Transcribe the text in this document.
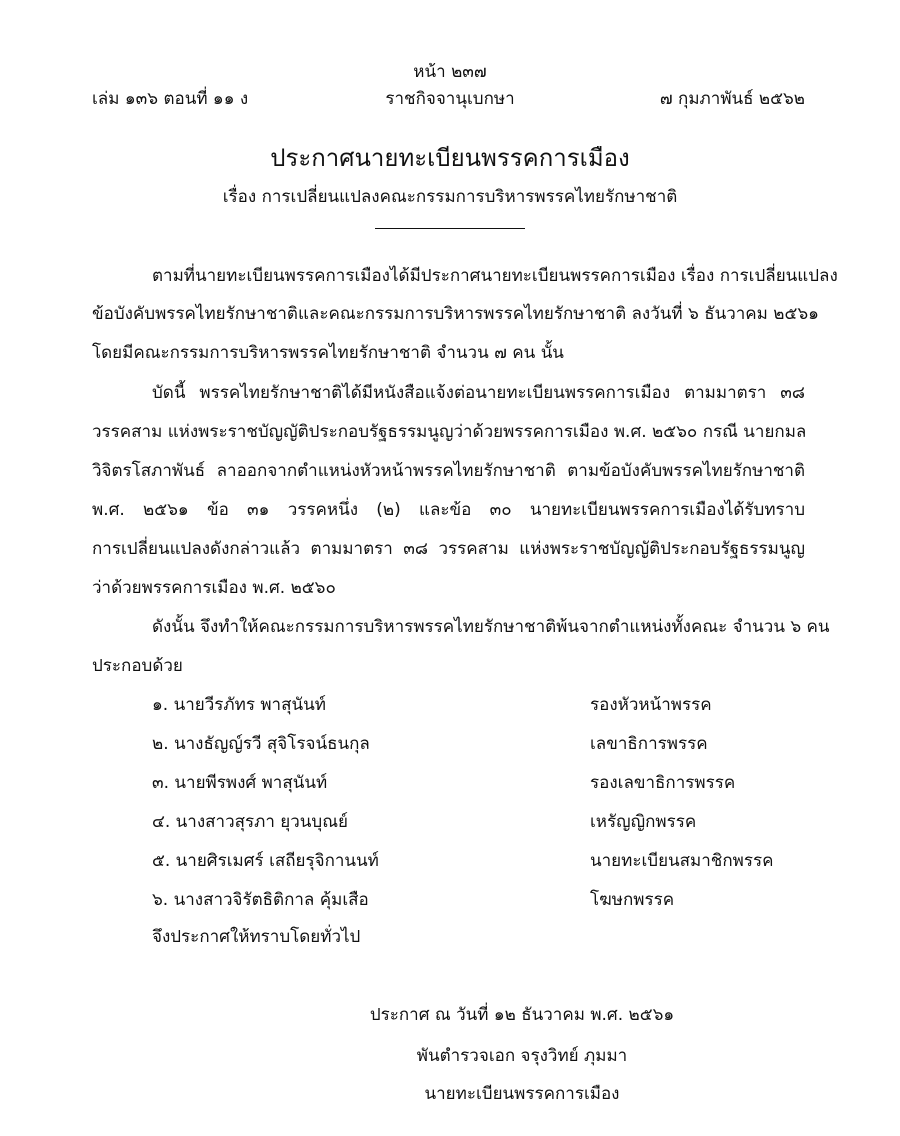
หน้า ๒๓๗
เล่ม ๑๓๖ ตอนที่ ๑๑ ง	ราชกิจจานุเบกษา	๗ กุมภาพันธ์ ๒๕๖๒
ประกาศนายทะเบียนพรรคการเมือง
เรื่อง การเปลี่ยนแปลงคณะกรรมการบริหารพรรคไทยรักษาชาติ
ตามที่นายทะเบียนพรรคการเมืองได้มีประกาศนายทะเบียนพรรคการเมือง เรื่อง การเปลี่ยนแปลง
ข้อบังคับพรรคไทยรักษาชาติและคณะกรรมการบริหารพรรคไทยรักษาชาติ ลงวันที่ ๖ ธันวาคม ๒๕๖๑
โดยมีคณะกรรมการบริหารพรรคไทยรักษาชาติ จำนวน ๗ คน นั้น
บัดนี้ พรรคไทยรักษาชาติได้มีหนังสือแจ้งต่อนายทะเบียนพรรคการเมือง ตามมาตรา ๓๘
วรรคสาม แห่งพระราชบัญญัติประกอบรัฐธรรมนูญว่าด้วยพรรคการเมือง พ.ศ. ๒๕๖๐ กรณี นายกมล
วิจิตรโสภาพันธ์ ลาออกจากตำแหน่งหัวหน้าพรรคไทยรักษาชาติ ตามข้อบังคับพรรคไทยรักษาชาติ
พ.ศ. ๒๕๖๑ ข้อ ๓๑ วรรคหนึ่ง (๒) และข้อ ๓๐ นายทะเบียนพรรคการเมืองได้รับทราบ
การเปลี่ยนแปลงดังกล่าวแล้ว ตามมาตรา ๓๘ วรรคสาม แห่งพระราชบัญญัติประกอบรัฐธรรมนูญ
ว่าด้วยพรรคการเมือง พ.ศ. ๒๕๖๐
ดังนั้น จึงทำให้คณะกรรมการบริหารพรรคไทยรักษาชาติพ้นจากตำแหน่งทั้งคณะ จำนวน ๖ คน
ประกอบด้วย
๑. นายวีรภัทร พาสุนันท์	รองหัวหน้าพรรค
๒. นางธัญญ์รวี สุจิโรจน์ธนกุล	เลขาธิการพรรค
๓. นายพีรพงศ์ พาสุนันท์	รองเลขาธิการพรรค
๔. นางสาวสุรภา ยุวนบุณย์	เหรัญญิกพรรค
๕. นายศิรเมศร์ เสถียรุจิกานนท์	นายทะเบียนสมาชิกพรรค
๖. นางสาวจิรัตธิติกาล คุ้มเสือ	โฆษกพรรค
จึงประกาศให้ทราบโดยทั่วไป
ประกาศ ณ วันที่ ๑๒ ธันวาคม พ.ศ. ๒๕๖๑
พันตำรวจเอก จรุงวิทย์ ภุมมา
นายทะเบียนพรรคการเมือง
